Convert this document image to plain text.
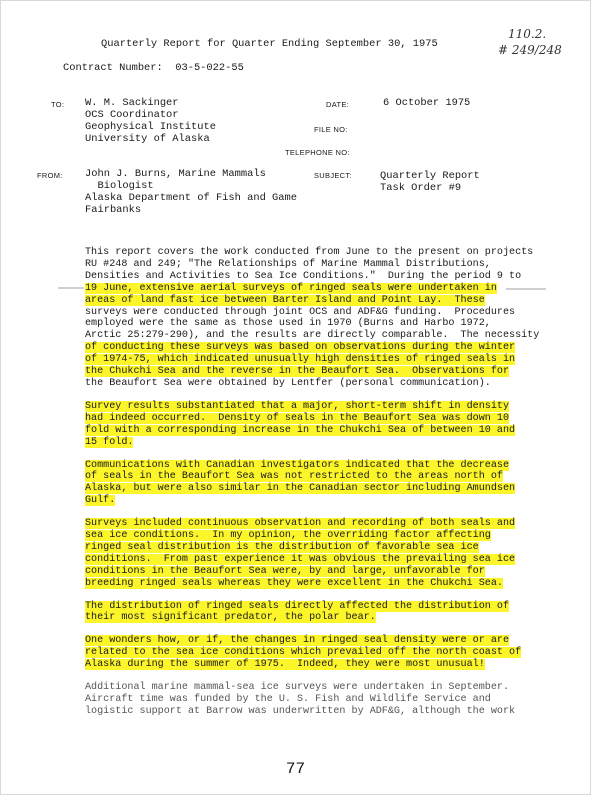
110.2.
# 249/248
Quarterly Report for Quarter Ending September 30, 1975
Contract Number:  03-5-022-55
TO: W. M. Sackinger
OCS Coordinator
Geophysical Institute
University of Alaska
DATE:	6 October 1975
FILE NO:
TELEPHONE NO:
FROM: John J. Burns, Marine Mammals
Biologist
Alaska Department of Fish and Game
Fairbanks
SUBJECT:	Quarterly Report
Task Order #9
This report covers the work conducted from June to the present on projects
RU #248 and 249; "The Relationships of Marine Mammal Distributions,
Densities and Activities to Sea Ice Conditions."  During the period 9 to
19 June, extensive aerial surveys of ringed seals were undertaken in
areas of land fast ice between Barter Island and Point Lay.  These
surveys were conducted through joint OCS and ADF&G funding.  Procedures
employed were the same as those used in 1970 (Burns and Harbo 1972,
Arctic 25:279-290), and the results are directly comparable.  The necessity
of conducting these surveys was based on observations during the winter
of 1974-75, which indicated unusually high densities of ringed seals in
the Chukchi Sea and the reverse in the Beaufort Sea.  Observations for
the Beaufort Sea were obtained by Lentfer (personal communication).
Survey results substantiated that a major, short-term shift in density
had indeed occurred.  Density of seals in the Beaufort Sea was down 10
fold with a corresponding increase in the Chukchi Sea of between 10 and
15 fold.
Communications with Canadian investigators indicated that the decrease
of seals in the Beaufort Sea was not restricted to the areas north of
Alaska, but were also similar in the Canadian sector including Amundsen
Gulf.
Surveys included continuous observation and recording of both seals and
sea ice conditions.  In my opinion, the overriding factor affecting
ringed seal distribution is the distribution of favorable sea ice
conditions.  From past experience it was obvious the prevailing sea ice
conditions in the Beaufort Sea were, by and large, unfavorable for
breeding ringed seals whereas they were excellent in the Chukchi Sea.
The distribution of ringed seals directly affected the distribution of
their most significant predator, the polar bear.
One wonders how, or if, the changes in ringed seal density were or are
related to the sea ice conditions which prevailed off the north coast of
Alaska during the summer of 1975.  Indeed, they were most unusual!
Additional marine mammal-sea ice surveys were undertaken in September.
Aircraft time was funded by the U. S. Fish and Wildlife Service and
logistic support at Barrow was underwritten by ADF&G, although the work
77
